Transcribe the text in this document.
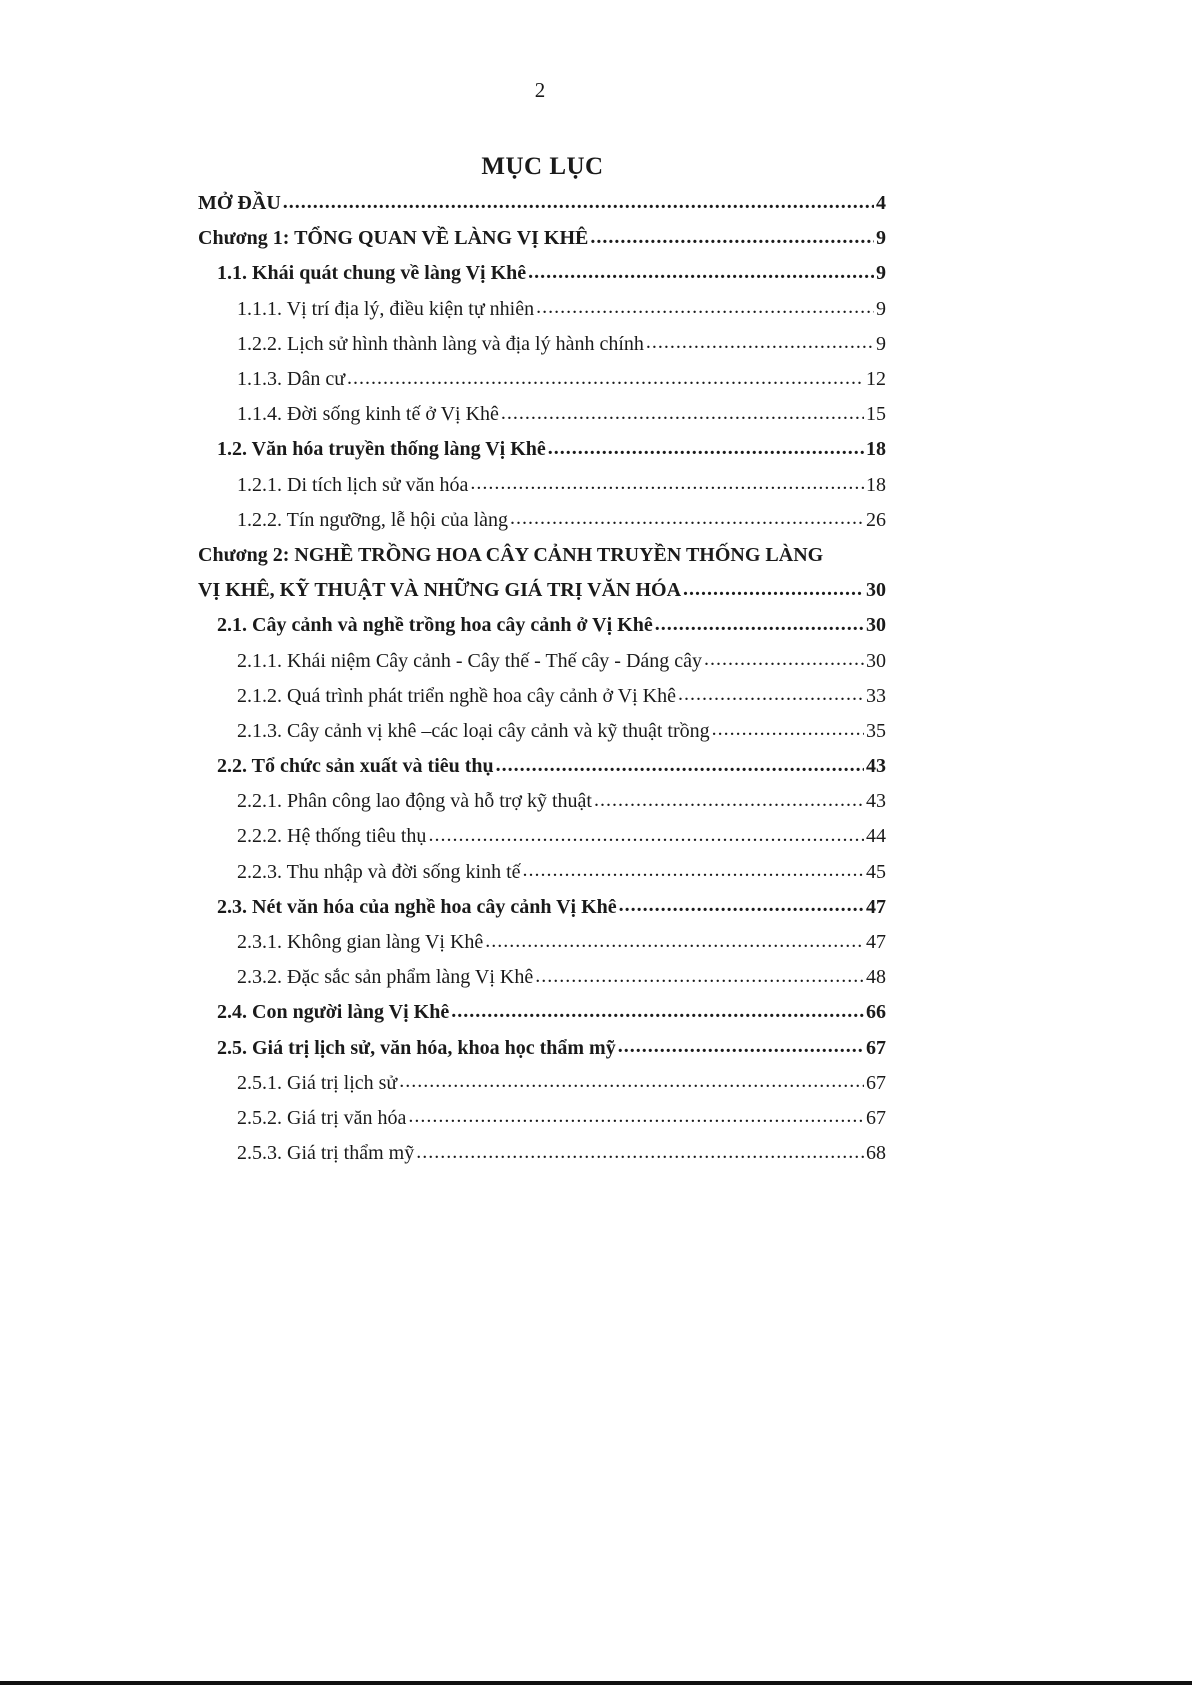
2
MỤC LỤC
MỞ ĐẦU .....	4
Chương 1: TỔNG QUAN VỀ LÀNG VỊ KHÊ .....	9
1.1. Khái quát chung về làng Vị Khê .....	9
1.1.1. Vị trí địa lý, điều kiện tự nhiên .....	9
1.2.2. Lịch sử hình thành làng và địa lý hành chính .....	9
1.1.3. Dân cư .....	12
1.1.4. Đời sống kinh tế ở Vị Khê .....	15
1.2. Văn hóa truyền thống làng Vị Khê .....	18
1.2.1. Di tích lịch sử văn hóa .....	18
1.2.2. Tín ngưỡng, lễ hội của làng .....	26
Chương 2: NGHỀ TRỒNG HOA CÂY CẢNH TRUYỀN THỐNG LÀNG
VỊ KHÊ, KỸ THUẬT VÀ NHỮNG GIÁ TRỊ VĂN HÓA .....	30
2.1. Cây cảnh và nghề trồng hoa cây cảnh ở Vị Khê .....	30
2.1.1. Khái niệm Cây cảnh - Cây thế - Thế cây - Dáng cây .....	30
2.1.2. Quá trình phát triển nghề hoa cây cảnh ở Vị Khê .....	33
2.1.3. Cây cảnh vị khê –các loại cây cảnh và kỹ thuật trồng .....	35
2.2. Tổ chức sản xuất và tiêu thụ .....	43
2.2.1. Phân công lao động và hỗ trợ kỹ thuật .....	43
2.2.2. Hệ thống tiêu thụ .....	44
2.2.3. Thu nhập và đời sống kinh tế .....	45
2.3. Nét văn hóa của nghề hoa cây cảnh Vị Khê .....	47
2.3.1. Không gian làng Vị Khê .....	47
2.3.2. Đặc sắc sản phẩm làng Vị Khê .....	48
2.4. Con người làng Vị Khê .....	66
2.5. Giá trị lịch sử, văn hóa, khoa học thẩm mỹ .....	67
2.5.1. Giá trị lịch sử .....	67
2.5.2. Giá trị văn hóa .....	67
2.5.3. Giá trị thẩm mỹ .....	68
